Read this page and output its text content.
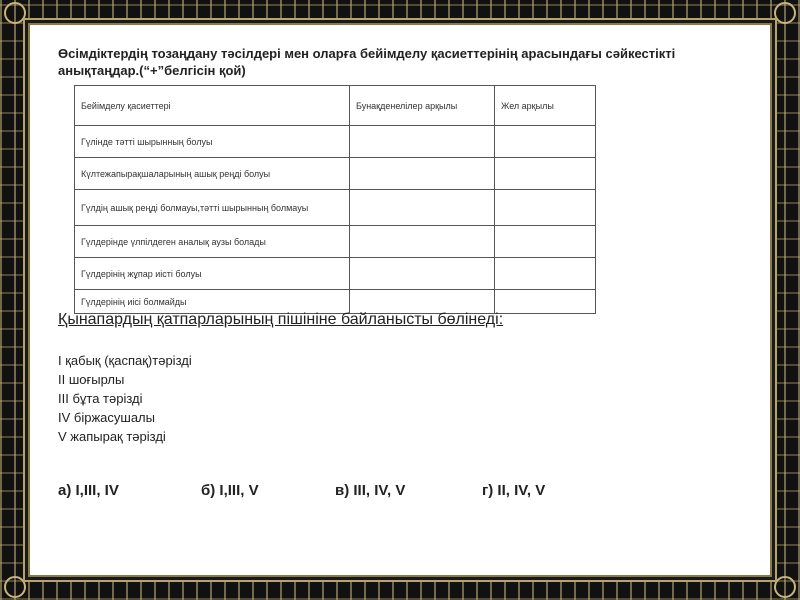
Өсімдіктердің тозаңдану тәсілдері мен оларға бейімделу қасиеттерінің арасындағы сәйкестікті анықтаңдар.(“+”белгісін қой)
Бейімделу қасиеттері	Бунақденелілер арқылы	Жел арқылы
Гүлінде тәтті шырынның болуы		
Күлтежапырақшаларының ашық реңді болуы		
Гүлдің ашық реңді болмауы,тәтті шырынның болмауы		
Гүлдерінде үлпілдеген аналық аузы болады		
Гүлдерінің жұпар иісті болуы		
Гүлдерінің иісі болмайды		
Қынапардың қатпарларының пішініне байланысты бөлінеді:
I қабық (қаспақ)тәрізді
II шоғырлы
III бұта тәрізді
IV біржасушалы
V жапырақ тәрізді
а) I,III, IV	б) I,III, V	в) III, IV, V	г) II, IV, V
